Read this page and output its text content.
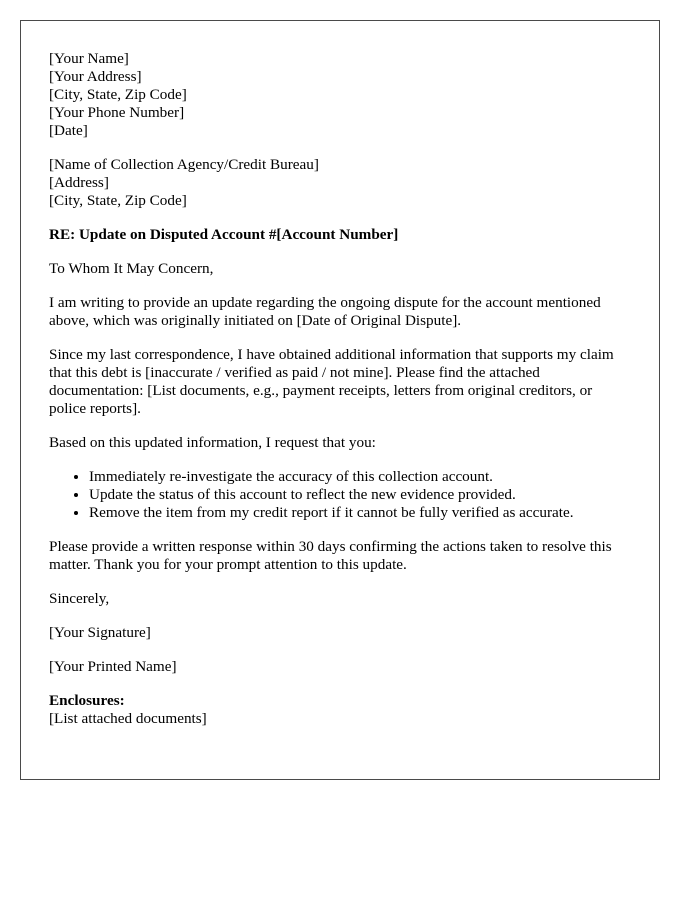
[Your Name]
[Your Address]
[City, State, Zip Code]
[Your Phone Number]
[Date]
[Name of Collection Agency/Credit Bureau]
[Address]
[City, State, Zip Code]
RE: Update on Disputed Account #[Account Number]

To Whom It May Concern,

I am writing to provide an update regarding the ongoing dispute for the account mentioned above, which was originally initiated on [Date of Original Dispute].

Since my last correspondence, I have obtained additional information that supports my claim that this debt is [inaccurate / verified as paid / not mine]. Please find the attached documentation: [List documents, e.g., payment receipts, letters from original creditors, or police reports].

Based on this updated information, I request that you:

• Immediately re-investigate the accuracy of this collection account.
• Update the status of this account to reflect the new evidence provided.
• Remove the item from my credit report if it cannot be fully verified as accurate.

Please provide a written response within 30 days confirming the actions taken to resolve this matter. Thank you for your prompt attention to this update.

Sincerely,

[Your Signature]

[Your Printed Name]

Enclosures:
[List attached documents]
